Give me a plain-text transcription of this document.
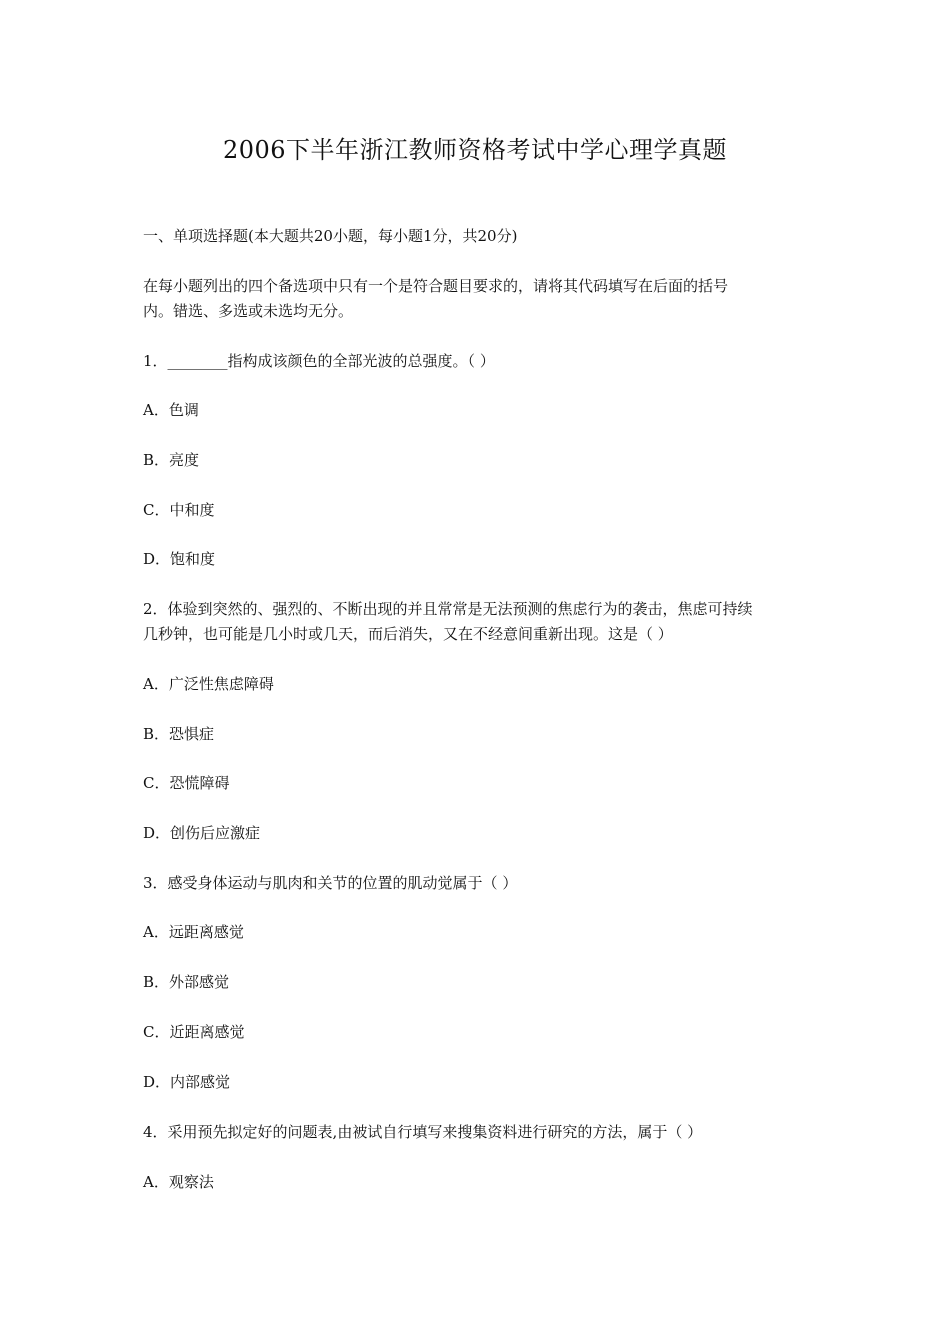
2006下半年浙江教师资格考试中学心理学真题
一、单项选择题(本大题共20小题，每小题1分，共20分)
在每小题列出的四个备选项中只有一个是符合题目要求的，请将其代码填写在后面的括号
内。错选、多选或未选均无分。
1．________指构成该颜色的全部光波的总强度。（ ）
A．色调
B．亮度
C．中和度
D．饱和度
2．体验到突然的、强烈的、不断出现的并且常常是无法预测的焦虑行为的袭击，焦虑可持续
几秒钟，也可能是几小时或几天，而后消失，又在不经意间重新出现。这是（ ）
A．广泛性焦虑障碍
B．恐惧症
C．恐慌障碍
D．创伤后应激症
3．感受身体运动与肌肉和关节的位置的肌动觉属于（ ）
A．远距离感觉
B．外部感觉
C．近距离感觉
D．内部感觉
4．采用预先拟定好的问题表,由被试自行填写来搜集资料进行研究的方法，属于（ ）
A．观察法
